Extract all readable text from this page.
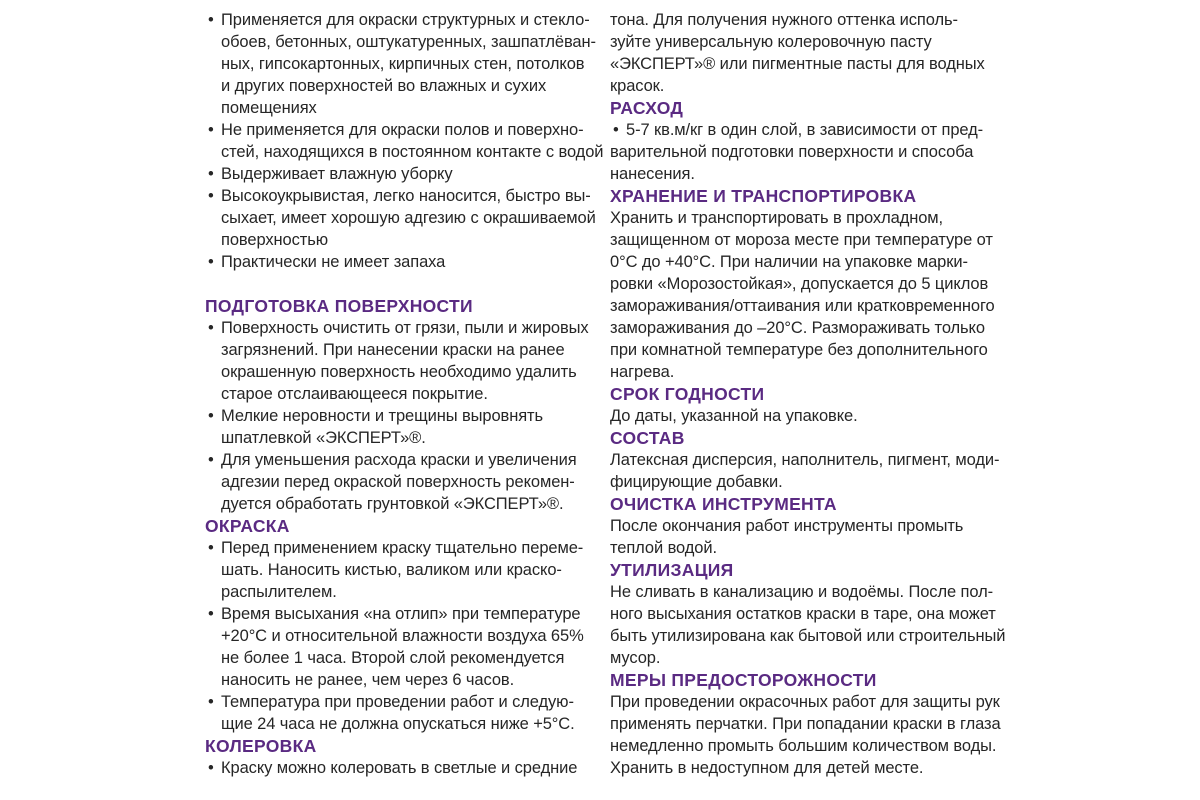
• Применяется для окраски структурных и стекло-
обоев, бетонных, оштукатуренных, зашпатлёван-
ных, гипсокартонных, кирпичных стен, потолков
и других поверхностей во влажных и сухих
помещениях
• Не применяется для окраски полов и поверхно-
стей, находящихся в постоянном контакте с водой
• Выдерживает влажную уборку
• Высокоукрывистая, легко наносится, быстро вы-
сыхает, имеет хорошую адгезию с окрашиваемой
поверхностью
• Практически не имеет запаха
ПОДГОТОВКА ПОВЕРХНОСТИ
• Поверхность очистить от грязи, пыли и жировых
загрязнений. При нанесении краски на ранее
окрашенную поверхность необходимо удалить
старое отслаивающееся покрытие.
• Мелкие неровности и трещины выровнять
шпатлевкой «ЭКСПЕРТ»®.
• Для уменьшения расхода краски и увеличения
адгезии перед окраской поверхность рекомен-
дуется обработать грунтовкой «ЭКСПЕРТ»®.
ОКРАСКА
• Перед применением краску тщательно переме-
шать. Наносить кистью, валиком или краско-
распылителем.
• Время высыхания «на отлип» при температуре
+20°С и относительной влажности воздуха 65%
не более 1 часа. Второй слой рекомендуется
наносить не ранее, чем через 6 часов.
• Температура при проведении работ и следую-
щие 24 часа не должна опускаться ниже +5°С.
КОЛЕРОВКА
• Краску можно колеровать в светлые и средние
тона. Для получения нужного оттенка исполь-
зуйте универсальную колеровочную пасту
«ЭКСПЕРТ»® или пигментные пасты для водных
красок.
РАСХОД
• 5-7 кв.м/кг в один слой, в зависимости от пред-
варительной подготовки поверхности и способа
нанесения.
ХРАНЕНИЕ И ТРАНСПОРТИРОВКА
Хранить и транспортировать в прохладном,
защищенном от мороза месте при температуре от
0°С до +40°С. При наличии на упаковке марки-
ровки «Морозостойкая», допускается до 5 циклов
замораживания/оттаивания или кратковременного
замораживания до –20°С. Размораживать только
при комнатной температуре без дополнительного
нагрева.
СРОК ГОДНОСТИ
До даты, указанной на упаковке.
СОСТАВ
Латексная дисперсия, наполнитель, пигмент, моди-
фицирующие добавки.
ОЧИСТКА ИНСТРУМЕНТА
После окончания работ инструменты промыть
теплой водой.
УТИЛИЗАЦИЯ
Не сливать в канализацию и водоёмы. После пол-
ного высыхания остатков краски в таре, она может
быть утилизирована как бытовой или строительный
мусор.
МЕРЫ ПРЕДОСТОРОЖНОСТИ
При проведении окрасочных работ для защиты рук
применять перчатки. При попадании краски в глаза
немедленно промыть большим количеством воды.
Хранить в недоступном для детей месте.
